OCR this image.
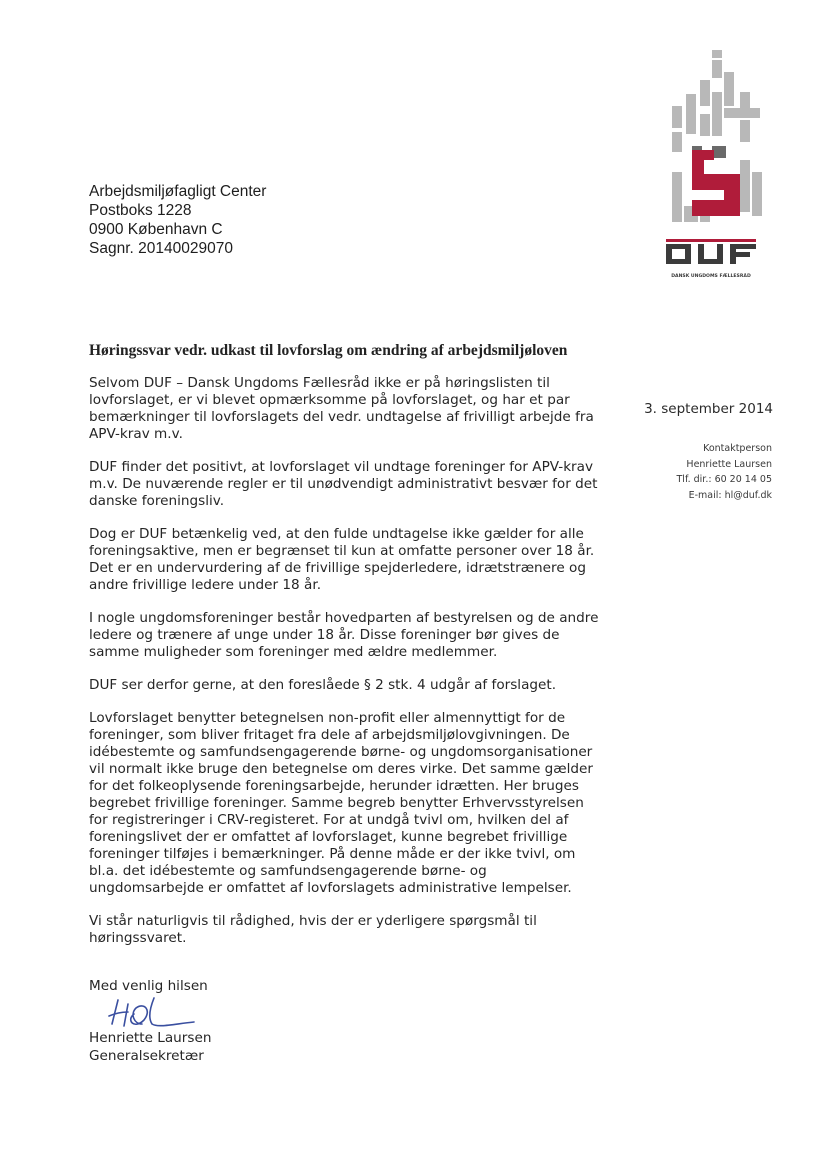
Arbejdsmiljøfagligt Center
Postboks 1228
0900 København C
Sagnr. 20140029070
DANSK UNGDOMS FÆLLESRÅD
Høringssvar vedr. udkast til lovforslag om ændring af arbejdsmiljøloven
3. september 2014
Kontaktperson
Henriette Laursen
Tlf. dir.: 60 20 14 05
E-mail: hl@duf.dk

Selvom DUF – Dansk Ungdoms Fællesråd ikke er på høringslisten til lovforslaget, er vi blevet opmærksomme på lovforslaget, og har et par bemærkninger til lovforslagets del vedr. undtagelse af frivilligt arbejde fra APV-krav m.v.

DUF finder det positivt, at lovforslaget vil undtage foreninger for APV-krav m.v. De nuværende regler er til unødvendigt administrativt besvær for det danske foreningsliv.

Dog er DUF betænkelig ved, at den fulde undtagelse ikke gælder for alle foreningsaktive, men er begrænset til kun at omfatte personer over 18 år. Det er en undervurdering af de frivillige spejderledere, idrætstrænere og andre frivillige ledere under 18 år.

I nogle ungdomsforeninger består hovedparten af bestyrelsen og de andre ledere og trænere af unge under 18 år. Disse foreninger bør gives de samme muligheder som foreninger med ældre medlemmer.

DUF ser derfor gerne, at den foreslåede § 2 stk. 4 udgår af forslaget.

Lovforslaget benytter betegnelsen non-profit eller almennyttigt for de foreninger, som bliver fritaget fra dele af arbejdsmiljølovgivningen. De idébestemte og samfundsengagerende børne- og ungdomsorganisationer vil normalt ikke bruge den betegnelse om deres virke. Det samme gælder for det folkeoplysende foreningsarbejde, herunder idrætten. Her bruges begrebet frivillige foreninger. Samme begreb benytter Erhvervsstyrelsen for registreringer i CRV-registeret. For at undgå tvivl om, hvilken del af foreningslivet der er omfattet af lovforslaget, kunne begrebet frivillige foreninger tilføjes i bemærkninger. På denne måde er der ikke tvivl, om bl.a. det idébestemte og samfundsengagerende børne- og ungdomsarbejde er omfattet af lovforslagets administrative lempelser.

Vi står naturligvis til rådighed, hvis der er yderligere spørgsmål til høringssvaret.

Med venlig hilsen
Henriette Laursen
Generalsekretær
